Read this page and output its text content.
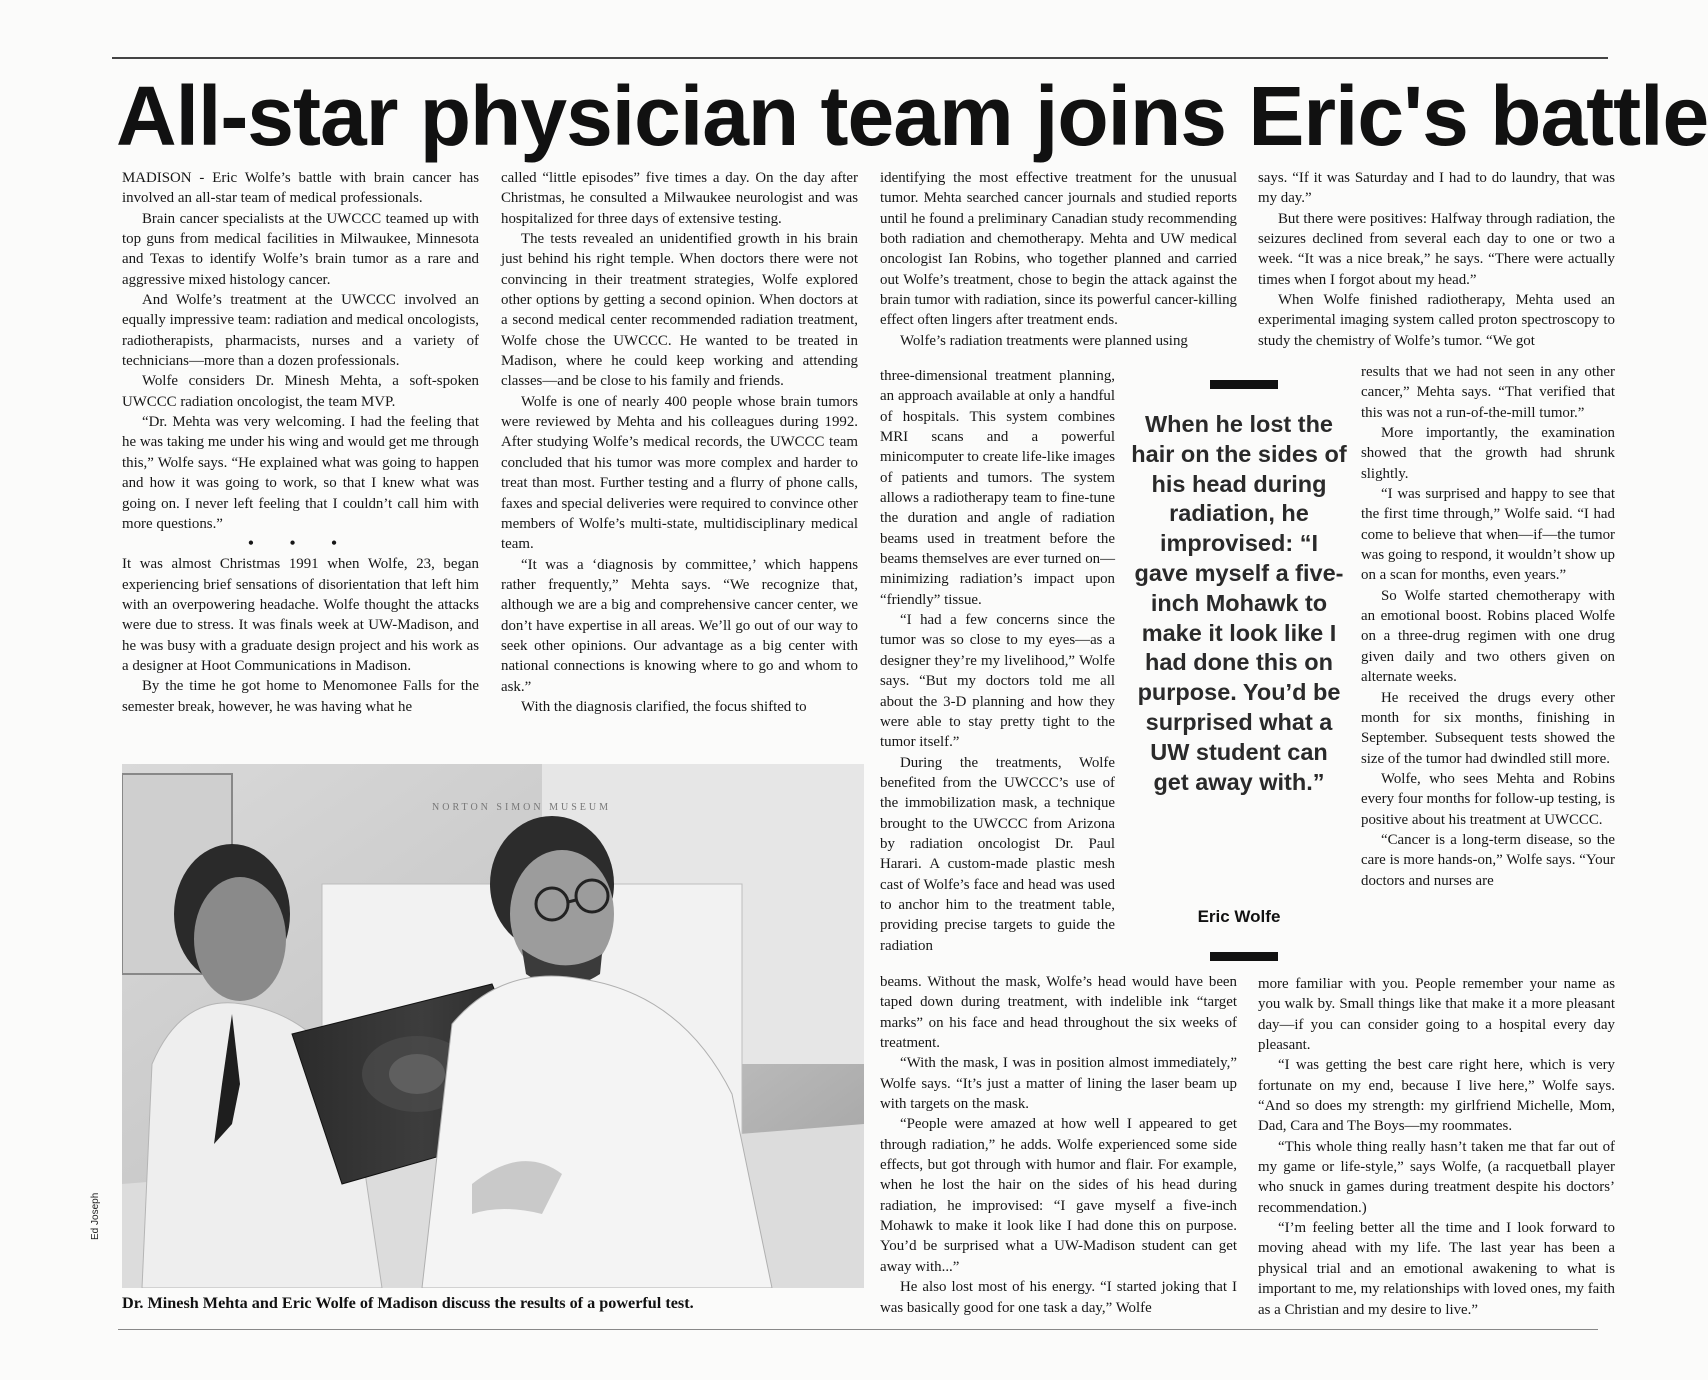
All-star physician team joins Eric's battle

MADISON - Eric Wolfe’s battle with brain cancer has involved an all-star team of medical professionals.

Brain cancer specialists at the UWCCC teamed up with top guns from medical facilities in Milwaukee, Minnesota and Texas to identify Wolfe’s brain tumor as a rare and aggressive mixed histology cancer.

And Wolfe’s treatment at the UWCCC involved an equally impressive team: radiation and medical oncologists, radiotherapists, pharmacists, nurses and a variety of technicians—more than a dozen professionals.

Wolfe considers Dr. Minesh Mehta, a soft-spoken UWCCC radiation oncologist, the team MVP.

“Dr. Mehta was very welcoming. I had the feeling that he was taking me under his wing and would get me through this,” Wolfe says. “He explained what was going to happen and how it was going to work, so that I knew what was going on. I never left feeling that I couldn’t call him with more questions.”

• • •

It was almost Christmas 1991 when Wolfe, 23, began experiencing brief sensations of disorientation that left him with an overpowering headache. Wolfe thought the attacks were due to stress. It was finals week at UW-Madison, and he was busy with a graduate design project and his work as a designer at Hoot Communications in Madison.

By the time he got home to Menomonee Falls for the semester break, however, he was having what he

called “little episodes” five times a day. On the day after Christmas, he consulted a Milwaukee neurologist and was hospitalized for three days of extensive testing.

The tests revealed an unidentified growth in his brain just behind his right temple. When doctors there were not convincing in their treatment strategies, Wolfe explored other options by getting a second opinion. When doctors at a second medical center recommended radiation treatment, Wolfe chose the UWCCC. He wanted to be treated in Madison, where he could keep working and attending classes—and be close to his family and friends.

Wolfe is one of nearly 400 people whose brain tumors were reviewed by Mehta and his colleagues during 1992. After studying Wolfe’s medical records, the UWCCC team concluded that his tumor was more complex and harder to treat than most. Further testing and a flurry of phone calls, faxes and special deliveries were required to convince other members of Wolfe’s multi-state, multidisciplinary medical team.

“It was a ‘diagnosis by committee,’ which happens rather frequently,” Mehta says. “We recognize that, although we are a big and comprehensive cancer center, we don’t have expertise in all areas. We’ll go out of our way to seek other opinions. Our advantage as a big center with national connections is knowing where to go and whom to ask.”

With the diagnosis clarified, the focus shifted to

identifying the most effective treatment for the unusual tumor. Mehta searched cancer journals and studied reports until he found a preliminary Canadian study recommending both radiation and chemotherapy. Mehta and UW medical oncologist Ian Robins, who together planned and carried out Wolfe’s treatment, chose to begin the attack against the brain tumor with radiation, since its powerful cancer-killing effect often lingers after treatment ends.

Wolfe’s radiation treatments were planned using

three-dimensional treatment planning, an approach available at only a handful of hospitals. This system combines MRI scans and a powerful minicomputer to create life-like images of patients and tumors. The system allows a radiotherapy team to fine-tune the duration and angle of radiation beams used in treatment before the beams themselves are ever turned on—minimizing radiation’s impact upon “friendly” tissue.

“I had a few concerns since the tumor was so close to my eyes—as a designer they’re my livelihood,” Wolfe says. “But my doctors told me all about the 3-D planning and how they were able to stay pretty tight to the tumor itself.”

During the treatments, Wolfe benefited from the UWCCC’s use of the immobilization mask, a technique brought to the UWCCC from Arizona by radiation oncologist Dr. Paul Harari. A custom-made plastic mesh cast of Wolfe’s face and head was used to anchor him to the treatment table, providing precise targets to guide the radiation

beams. Without the mask, Wolfe’s head would have been taped down during treatment, with indelible ink “target marks” on his face and head throughout the six weeks of treatment.

“With the mask, I was in position almost immediately,” Wolfe says. “It’s just a matter of lining the laser beam up with targets on the mask.

“People were amazed at how well I appeared to get through radiation,” he adds. Wolfe experienced some side effects, but got through with humor and flair. For example, when he lost the hair on the sides of his head during radiation, he improvised: “I gave myself a five-inch Mohawk to make it look like I had done this on purpose. You’d be surprised what a UW-Madison student can get away with...”

He also lost most of his energy. “I started joking that I was basically good for one task a day,” Wolfe

When he lost the hair on the sides of his head during radiation, he improvised: “I gave myself a five-inch Mohawk to make it look like I had done this on purpose. You’d be surprised what a UW student can get away with.”

Eric Wolfe

says. “If it was Saturday and I had to do laundry, that was my day.”

But there were positives: Halfway through radiation, the seizures declined from several each day to one or two a week. “It was a nice break,” he says. “There were actually times when I forgot about my head.”

When Wolfe finished radiotherapy, Mehta used an experimental imaging system called proton spectroscopy to study the chemistry of Wolfe’s tumor. “We got

results that we had not seen in any other cancer,” Mehta says. “That verified that this was not a run-of-the-mill tumor.”

More importantly, the examination showed that the growth had shrunk slightly.

“I was surprised and happy to see that the first time through,” Wolfe said. “I had come to believe that when—if—the tumor was going to respond, it wouldn’t show up on a scan for months, even years.”

So Wolfe started chemotherapy with an emotional boost. Robins placed Wolfe on a three-drug regimen with one drug given daily and two others given on alternate weeks.

He received the drugs every other month for six months, finishing in September. Subsequent tests showed the size of the tumor had dwindled still more.

Wolfe, who sees Mehta and Robins every four months for follow-up testing, is positive about his treatment at UWCCC.

“Cancer is a long-term disease, so the care is more hands-on,” Wolfe says. “Your doctors and nurses are

more familiar with you. People remember your name as you walk by. Small things like that make it a more pleasant day—if you can consider going to a hospital every day pleasant.

“I was getting the best care right here, which is very fortunate on my end, because I live here,” Wolfe says. “And so does my strength: my girlfriend Michelle, Mom, Dad, Cara and The Boys—my roommates.

“This whole thing really hasn’t taken me that far out of my game or life-style,” says Wolfe, (a racquetball player who snuck in games during treatment despite his doctors’ recommendation.)

“I’m feeling better all the time and I look forward to moving ahead with my life. The last year has been a physical trial and an emotional awakening to what is important to me, my relationships with loved ones, my faith as a Christian and my desire to live.”

NORTON SIMON MUSEUM
Ed Joseph
Dr. Minesh Mehta and Eric Wolfe of Madison discuss the results of a powerful test.
